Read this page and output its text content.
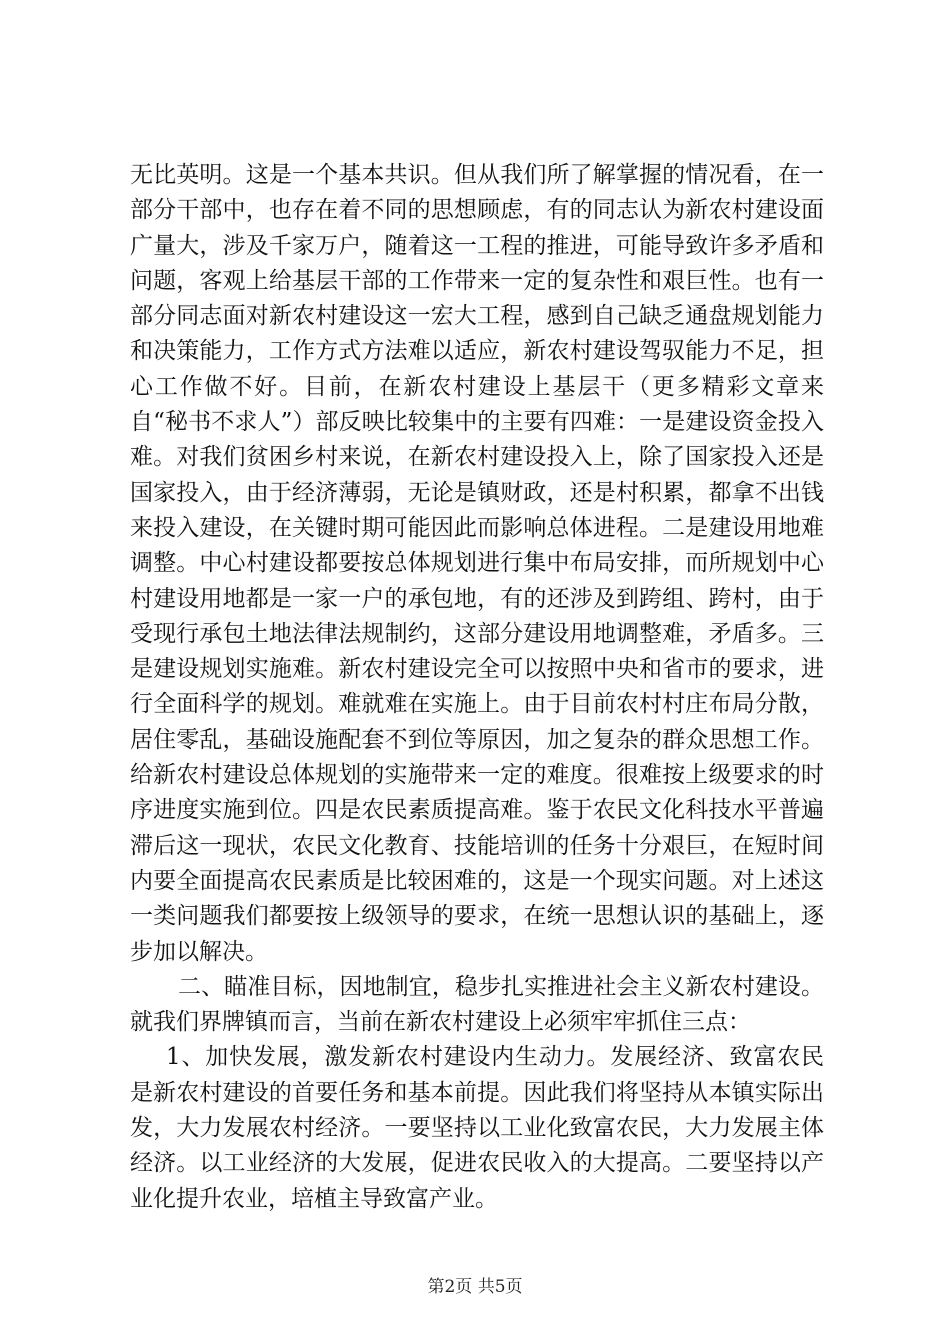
无比英明。这是一个基本共识。但从我们所了解掌握的情况看，在一部分干部中，也存在着不同的思想顾虑，有的同志认为新农村建设面广量大，涉及千家万户，随着这一工程的推进，可能导致许多矛盾和问题，客观上给基层干部的工作带来一定的复杂性和艰巨性。也有一部分同志面对新农村建设这一宏大工程，感到自己缺乏通盘规划能力和决策能力，工作方式方法难以适应，新农村建设驾驭能力不足，担心工作做不好。目前，在新农村建设上基层干（更多精彩文章来自“秘书不求人”）部反映比较集中的主要有四难：一是建设资金投入难。对我们贫困乡村来说，在新农村建设投入上，除了国家投入还是国家投入，由于经济薄弱，无论是镇财政，还是村积累，都拿不出钱来投入建设，在关键时期可能因此而影响总体进程。二是建设用地难调整。中心村建设都要按总体规划进行集中布局安排，而所规划中心村建设用地都是一家一户的承包地，有的还涉及到跨组、跨村，由于受现行承包土地法律法规制约，这部分建设用地调整难，矛盾多。三是建设规划实施难。新农村建设完全可以按照中央和省市的要求，进行全面科学的规划。难就难在实施上。由于目前农村村庄布局分散，居住零乱，基础设施配套不到位等原因，加之复杂的群众思想工作。给新农村建设总体规划的实施带来一定的难度。很难按上级要求的时序进度实施到位。四是农民素质提高难。鉴于农民文化科技水平普遍滞后这一现状，农民文化教育、技能培训的任务十分艰巨，在短时间内要全面提高农民素质是比较困难的，这是一个现实问题。对上述这一类问题我们都要按上级领导的要求，在统一思想认识的基础上，逐步加以解决。

二、瞄准目标，因地制宜，稳步扎实推进社会主义新农村建设。就我们界牌镇而言，当前在新农村建设上必须牢牢抓住三点：

1、加快发展，激发新农村建设内生动力。发展经济、致富农民是新农村建设的首要任务和基本前提。因此我们将坚持从本镇实际出发，大力发展农村经济。一要坚持以工业化致富农民，大力发展主体经济。以工业经济的大发展，促进农民收入的大提高。二要坚持以产业化提升农业，培植主导致富产业。

第2页 共5页
